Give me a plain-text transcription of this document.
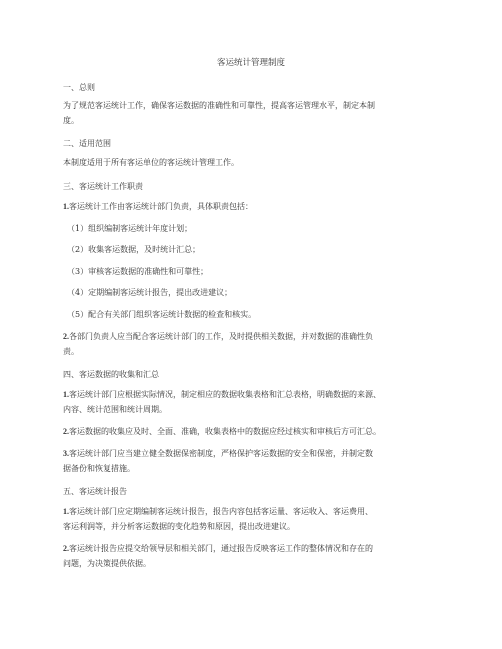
客运统计管理制度
一、总则
为了规范客运统计工作，确保客运数据的准确性和可靠性，提高客运管理水平，制定本制
度。
二、适用范围
本制度适用于所有客运单位的客运统计管理工作。
三、客运统计工作职责
1.客运统计工作由客运统计部门负责，具体职责包括：
（1）组织编制客运统计年度计划；
（2）收集客运数据，及时统计汇总；
（3）审核客运数据的准确性和可靠性；
（4）定期编制客运统计报告，提出改进建议；
（5）配合有关部门组织客运统计数据的检查和核实。
2.各部门负责人应当配合客运统计部门的工作，及时提供相关数据，并对数据的准确性负
责。
四、客运数据的收集和汇总
1.客运统计部门应根据实际情况，制定相应的数据收集表格和汇总表格，明确数据的来源、
内容、统计范围和统计周期。
2.客运数据的收集应及时、全面、准确，收集表格中的数据应经过核实和审核后方可汇总。
3.客运统计部门应当建立健全数据保密制度，严格保护客运数据的安全和保密，并制定数
据备份和恢复措施。
五、客运统计报告
1.客运统计部门应定期编制客运统计报告，报告内容包括客运量、客运收入、客运费用、
客运利润等，并分析客运数据的变化趋势和原因，提出改进建议。
2.客运统计报告应提交给领导层和相关部门，通过报告反映客运工作的整体情况和存在的
问题，为决策提供依据。
